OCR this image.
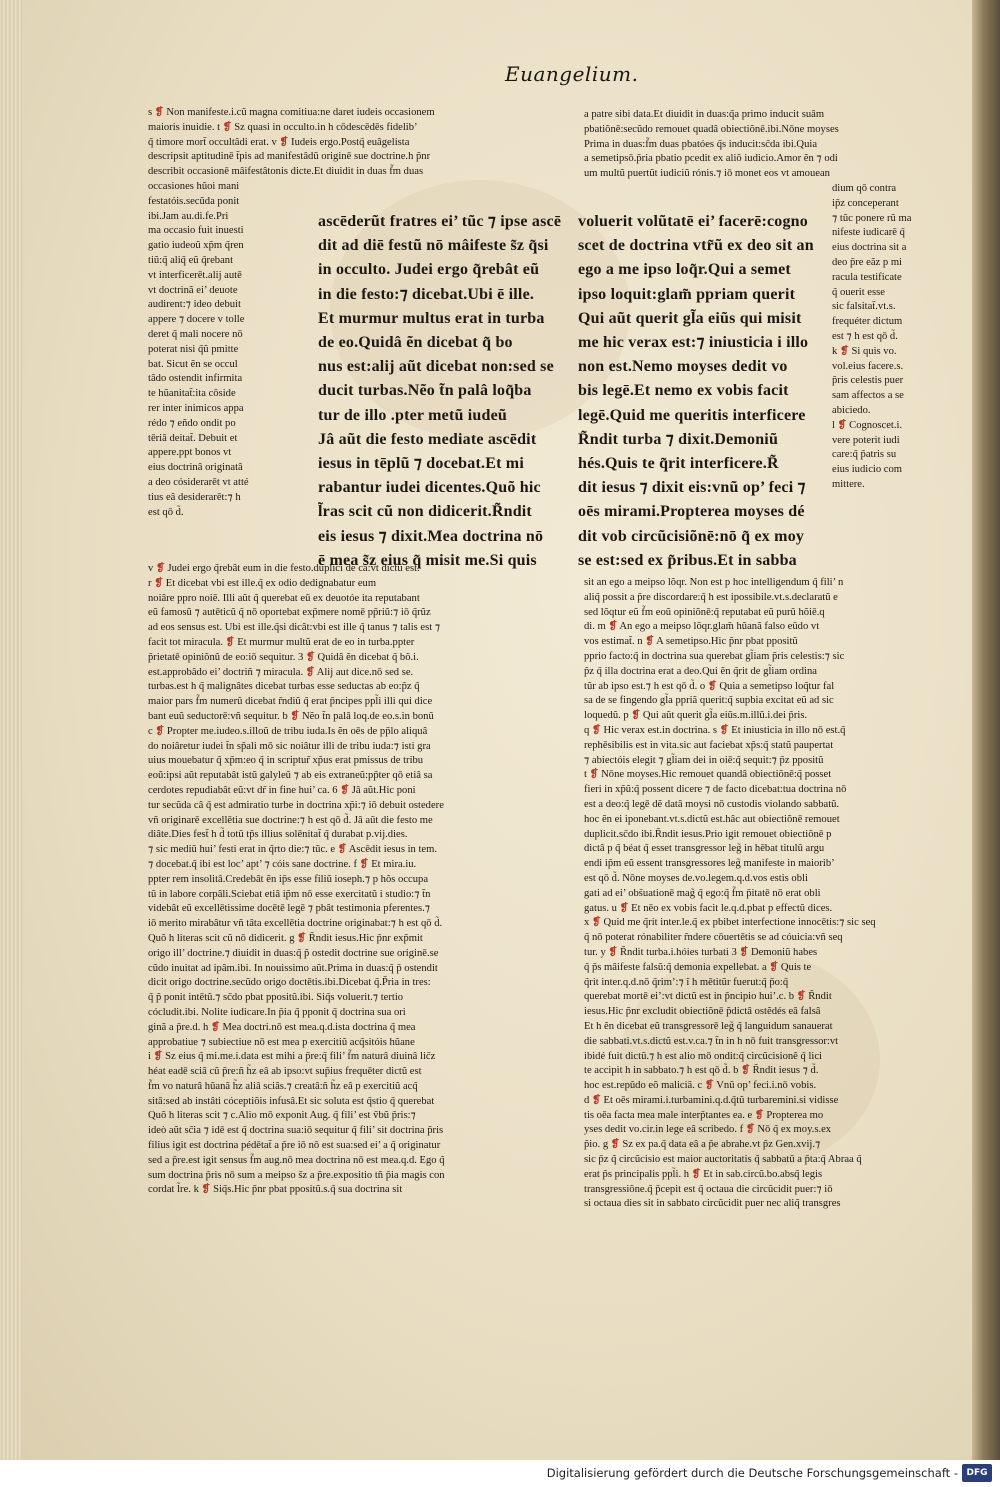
Euangelium.

s ❡ Non manifeste.i.cũ magna comitiua:ne daret iudeis occasionem

maioris inuidie. t ❡ Sz quasi in occulto.in h cōdescēdēs fidelib’

q̃ timore mort̃ occultâdi erat. v ❡ Iudeis ergo.Postq̃ euâgelista

descripsit aptitudinē t̃pis ad manifestâdũ originē sue doctrine.h p̃nr

describit occasionē mâifestâtonis dicte.Et diuidit in duas f̃m duas

occasiones hũoi mani

festatóis.secũda ponit

ibi.Jam au.di.fe.Pri

ma occasio fuit inuesti

gatio iudeoũ xp̃m q̃ren

tiũ:q̃ aliq̃ eũ q̃rebant

vt interficerēt.alij autē

vt doctrinã ei’ deuote

audirent:⁊ ideo debuit

appere ⁊ docere v tolle

deret q̃ mali nocere nō

poterat nisi q̃ũ pmitte

bat. Sicut ẽn se occul

tâdo ostendit infirmita

te hũanitat̃:ita cōside

rer inter inimicos appa

rédo ⁊ eñdo ondit po

tēriâ deitat̃. Debuit et

appere.ppt bonos vt

eius doctrinâ originatâ

a deo cósiderarēt vt atté

tius eâ desiderarēt:⁊ h

est qō d̃.

ascēderũt fratres ei’ tũc ⁊ ipse ascē

dit ad diē festũ nō mâifeste s̃z q̃si

in occulto. Judei ergo q̃rebât eũ

in die festo:⁊ dicebat.Ubi ē ille.

Et murmur multus erat in turba

de eo.Quidâ ẽn dicebat q̃ bo

nus est:alij aũt dicebat non:sed se

ducit turbas.Nẽo t̃n palâ loq̃ba

tur de illo .pter metũ iudeũ

Jâ aũt die festo mediate ascēdit

iesus in tēplũ ⁊ docebat.Et mi

rabantur iudei dicentes.Quõ hic

l̃ras scit cũ non didicerit.R̃ndit

eis iesus ⁊ dixit.Mea doctrina nō

ē mea s̃z eius q̃ misit me.Si quis

voluerit volũtatē ei’ facerē:cogno

scet de doctrina vtr̃ũ ex deo sit an

ego a me ipso loq̃r.Qui a semet

ipso loquit:glam̃ ppriam querit

Qui aũt querit gl̃a eiũs qui misit

me hic verax est:⁊ iniusticia i illo

non est.Nemo moyses dedit vo

bis legē.Et nemo ex vobis facit

legē.Quid me queritis interficere

R̃ndit turba ⁊ dixit.Demoniũ

hés.Quis te q̃rit interficere.R̃

dit iesus ⁊ dixit eis:vnũ op’ feci ⁊

oēs mirami.Propterea moyses dé

dit vob circũcisiõnē:nō q̃ ex moy

se est:sed ex p̃ribus.Et in sabba

a patre sibi data.Et diuidit in duas:q̃a primo inducit suâm

pbatiõnē:secũdo remouet quadâ obiectiõnē.ibi.Nōne moyses

Prima in duas:f̃m duas pbatóes q̃s inducit:sc̃da ibi.Quia

a semetipsō.p̃ria pbatio pcedit ex aliõ iudicio.Amor ẽn ⁊ odi

um multũ puertũt iudiciũ rónis.⁊ iō monet eos vt amouean

dium qō contra

ip̃z conceperant

⁊ tũc ponere rũ ma

nifeste iudicarē q̃

eius doctrina sit a

deo p̃re eãz p mi

racula testificate

q̃ ouerit esse

sic falsitat̃.vt.s.

frequéter dictum

est ⁊ h est qō d̃.

k ❡ Si quis vo.

vol.eius facere.s.

p̃ris celestis puer

sam affectos a se

abiciedo.

l ❡ Cognoscet.i.

vere poterit iudi

care:q̃ p̃atris su

eius iudicio com

mittere.

v ❡ Judei ergo q̃rebât eum in die festo.duplici de câ:vt dictũ est.

r ❡ Et dicebat vbi est ille.q̃ ex odio dedignabatur eum

noiâre ppro noiē. Illi aũt q̃ querebat eũ ex deuotóe ita reputabant

eũ famosũ ⁊ autēticũ q̃ nō oportebat exp̃mere nomē pp̃riũ:⁊ iō q̃rũz

ad eos sensus est. Ubi est ille.q̃si dicât:vbi est ille q̃ tanus ⁊ talis est ⁊

facit tot miracula. ❡ Et murmur multũ erat de eo in turba.ppter

p̃rietatē opiniõnũ de eo:iō sequitur. 3 ❡ Quidâ ẽn dicebat q̃ bõ.i.

est.approbâdo ei’ doctriñ ⁊ miracula. ❡ Alij aut dice.nō sed se.

turbas.est h q̃ malignâtes dicebat turbas esse seductas ab eo:p̃z q̃

maior pars f̃m numerũ dicebat r̃ndiũ q̃ erat p̃ncipes ppl̃i illi qui dice

bant euũ seductorē:vñ sequitur. b ❡ Nẽo t̃n palâ loq.de eo.s.in bonũ

c ❡ Propter me.iudeo.s.illoũ de tribu iuda.Is ẽn oēs de pp̃lo aliquâ

do noiâretur iudei t̃n sp̃ali mō sic noiâtur illi de tribu iuda:⁊ isti gra

uius mouebatur q̃ xp̃m:eo q̃ in scriptur̃ xp̃us erat pmissus de tribu

eoũ:ipsi aũt reputabât istũ galyleũ ⁊ ab eis extraneũ:pp̃ter qō etiâ sa

cerdotes repudiabât eũ:vt dr̃ in fine hui’ ca. 6 ❡ Jâ aũt.Hic poni

tur secũda câ q̃ est admiratio turbe in doctrina xp̃i:⁊ iō debuit ostedere

vñ originarē excellētia sue doctrine:⁊ h est qō d̃. Jâ aũt die festo me

diâte.Dies fest̃ h d̃ totũ tp̃s illius solēnitat̃ q̃ durabat p.vij.dies.

⁊ sic mediũ hui’ festi erat in q̃rto die:⁊ tũc. e ❡ Ascēdit iesus in tem.

⁊ docebat.q̃ ibi est loc’ apt’ ⁊ cóis sane doctrine. f ❡ Et mira.iu.

ppter rem insolitâ.Credebât ẽn ip̃s esse filiũ ioseph.⁊ p hõs occupa

tũ in labore corpâli.Sciebat etiâ ip̃m nō esse exercitatũ i studio:⁊ t̃n

videbât eũ excellētissime docētē legē ⁊ pbât testimonia pferentes.⁊

iō merito mirabâtur vñ tâta excellētia doctrine originabat:⁊ h est qō d̃.

Quõ h literas scit cũ nō didicerit. g ❡ R̃ndit iesus.Hic p̃nr exp̃mit

origo ill’ doctrine.⁊ diuidit in duas:q̃ p̃ ostedit doctrine sue originē.se

cũdo inuitat ad ipâm.ibi. In nouissimo aũt.Prima in duas:q̃ p̃ ostendit

dicit origo doctrine.secũdo origo doctētis.ibi.Dicebat q̃.P̃ria in tres:

q̃ p̃ ponit intētũ.⁊ sc̃do pbat ppositũ.ibi. Siq̃s voluerit.⁊ tertio

cócludit.ibi. Nolite iudicare.In p̃ia q̃ pponit q̃ doctrina sua ori

ginã a p̃re.d. h ❡ Mea doctri.nō est mea.q.d.ista doctrina q̃ mea

approbatiue ⁊ subiectiue nō est mea p exercitiũ acq̃sitóis hũane

i ❡ Sz eius q̃ mi.me.i.data est mihi a p̃re:q̃ fili’ f̃m naturâ diuinâ lic̃z

héat eadē sciâ cũ p̃re:ñ h̃z eâ ab ipso:vt sup̃ius frequēter dictũ est

f̃m vo naturâ hũanã h̃z aliâ sciâs.⁊ creatâ:ñ h̃z eâ p exercitiũ acq̃

sitâ:sed ab instâti cóceptiõis infusâ.Et sic soluta est q̃stio q̃ querebat

Quõ h literas scit ⁊ c.Alio mō exponit Aug. q̃ fili’ est ṽbũ p̃ris:⁊

ideò aũt sc̃ia ⁊ idē est q̃ doctrina sua:iō sequitur q̃ fili’ sit doctrina p̃ris

filius igit est doctrina pédētat̃ a p̃re iō nō est sua:sed ei’ a q̃ originatur

sed a p̃re.est igit sensus f̃m aug.nō mea doctrina nō est mea.q.d. Ego q̃

sum doctrina p̃ris nō sum a meipso s̃z a p̃re.expositio tñ p̃ia magis con

cordat l̃re. k ❡ Siq̃s.Hic p̃nr pbat ppositũ.s.q̃ sua doctrina sit

sit an ego a meipso lõqr. Non est p hoc intelligendum q̃ fili’ n

aliq̃ possit a p̃re discordare:q̃ h est ipossibile.vt.s.declaratũ e

sed lõqtur eũ f̃m eoũ opiniõnē:q̃ reputabat eũ purũ hõiē.q

di. m ❡ An ego a meipso lõqr.glam̃ hũanã falso eũdo vt

vos estimat̃. n ❡ A semetipso.Hic p̃nr pbat ppositũ

pprio facto:q̃ in doctrina sua querebat gl̃iam p̃ris celestis:⁊ sic

p̃z q̃ illa doctrina erat a deo.Qui ẽn q̃rit de gl̃iam ordina

tũr ab ipso est.⁊ h est qō d̃. o ❡ Quia a semetipso loq̃tur fal

sa de se fingendo gl̃a ppriã querit:q̃ supbia excitat eũ ad sic

loquedũ. p ❡ Qui aũt querit gl̃a eiũs.m.illũ.i.dei p̃ris.

q ❡ Hic verax est.in doctrina. s ❡ Et iniusticia in illo nō est.q̃

rephēsibilis est in vita.sic aut faciebat xp̃s:q̃ statũ paupertat

⁊ abiectóis elegit ⁊ gl̃iam dei in oiē:q̃ sequit:⁊ p̃z ppositũ

t ❡ Nōne moyses.Hic remouet quandâ obiectiõnē:q̃ posset

fieri in xp̃ũ:q̃ possent dicere ⁊ de facto dicebat:tua doctrina nō

est a deo:q̃ legē dẽ datâ moysi nō custodis violando sabbatũ.

hoc ẽn ei iponebant.vt.s.dictũ est.hâc aut obiectiõnē remouet

duplicit.sc̃do ibi.R̃ndit iesus.Prio igit remouet obiectiõnē p

dictâ p q̃ béat q̃ esset transgressor leg̃ in hēbat titulũ argu

endi ip̃m eũ essent transgressores leg̃ manifeste in maiorib’

est qō d̃. Nōne moyses de.vo.legem.q.d.vos estis obli

gati ad ei’ obs̃uationē mag̃ q̃ ego:q̃ f̃m p̃itatē nō erat obli

gatus. u ❡ Et nēo ex vobis facit le.q.d.pbat p effectũ dices.

x ❡ Quid me q̃rit inter.le.q̃ ex pbibet interfectione innocētis:⁊ sic seq

q̃ nō poterat rónabiliter r̃ndere cōuertētis se ad cóuicia:vñ seq

tur. y ❡ R̃ndit turba.i.hóies turbati 3 ❡ Demoniũ habes

q̃ p̃s mâifeste falsũ:q̃ demonia expellebat. a ❡ Quis te

q̃rit inter.q.d.nō q̃rim’:⁊ ĩ h mētitũr fuerut:q̃ p̃o:q̃

querebat mortē ei’:vt dictũ est in p̃ncipio hui’.c. b ❡ R̃ndit

iesus.Hic p̃nr excludit obiectiõnē p̃dictâ ostẽdés eâ falsâ

Et h ẽn dicebat eũ transgressorē leg̃ q̃ languidum sanauerat

die sabbati.vt.s.dictũ est.v.ca.⁊ t̃n in h nō fuit transgressor:vt

ibidé fuit dictũ.⁊ h est alio mō ondit:q̃ circũcisionẽ q̃ lici

te accipit h in sabbato.⁊ h est qō d̃. b ❡ R̃ndit iesus ⁊ d̃.

hoc est.repũdo eõ maliciã. c ❡ Vnũ op’ feci.i.nō vobis.

d ❡ Et oēs mirami.i.turbamini.q.d.q̃tũ turbaremini.si vidisse

tis oēa facta mea male interp̃tantes ea. e ❡ Propterea mo

yses dedit vo.cir.in lege eâ scribedo. f ❡ Nō q̃ ex moy.s.ex

p̃io. g ❡ Sz ex pa.q̃ data eâ a p̃e abrahe.vt p̃z Gen.xvij.⁊

sic p̃z q̃ circũcisio est maior auctoritatis q̃ sabbatũ a p̃ta:q̃ Abraa q̃

erat p̃s principalis ppl̃i. h ❡ Et in sab.circũ.bo.absq̃ legis

transgressiõne.q̃ p̃cepit est q̃ octaua die circũcidit puer:⁊ iō

si octaua dies sit in sabbato circũcidit puer nec aliq̃ transgres

Digitalisierung gefördert durch die Deutsche Forschungsgemeinschaft - DFG
